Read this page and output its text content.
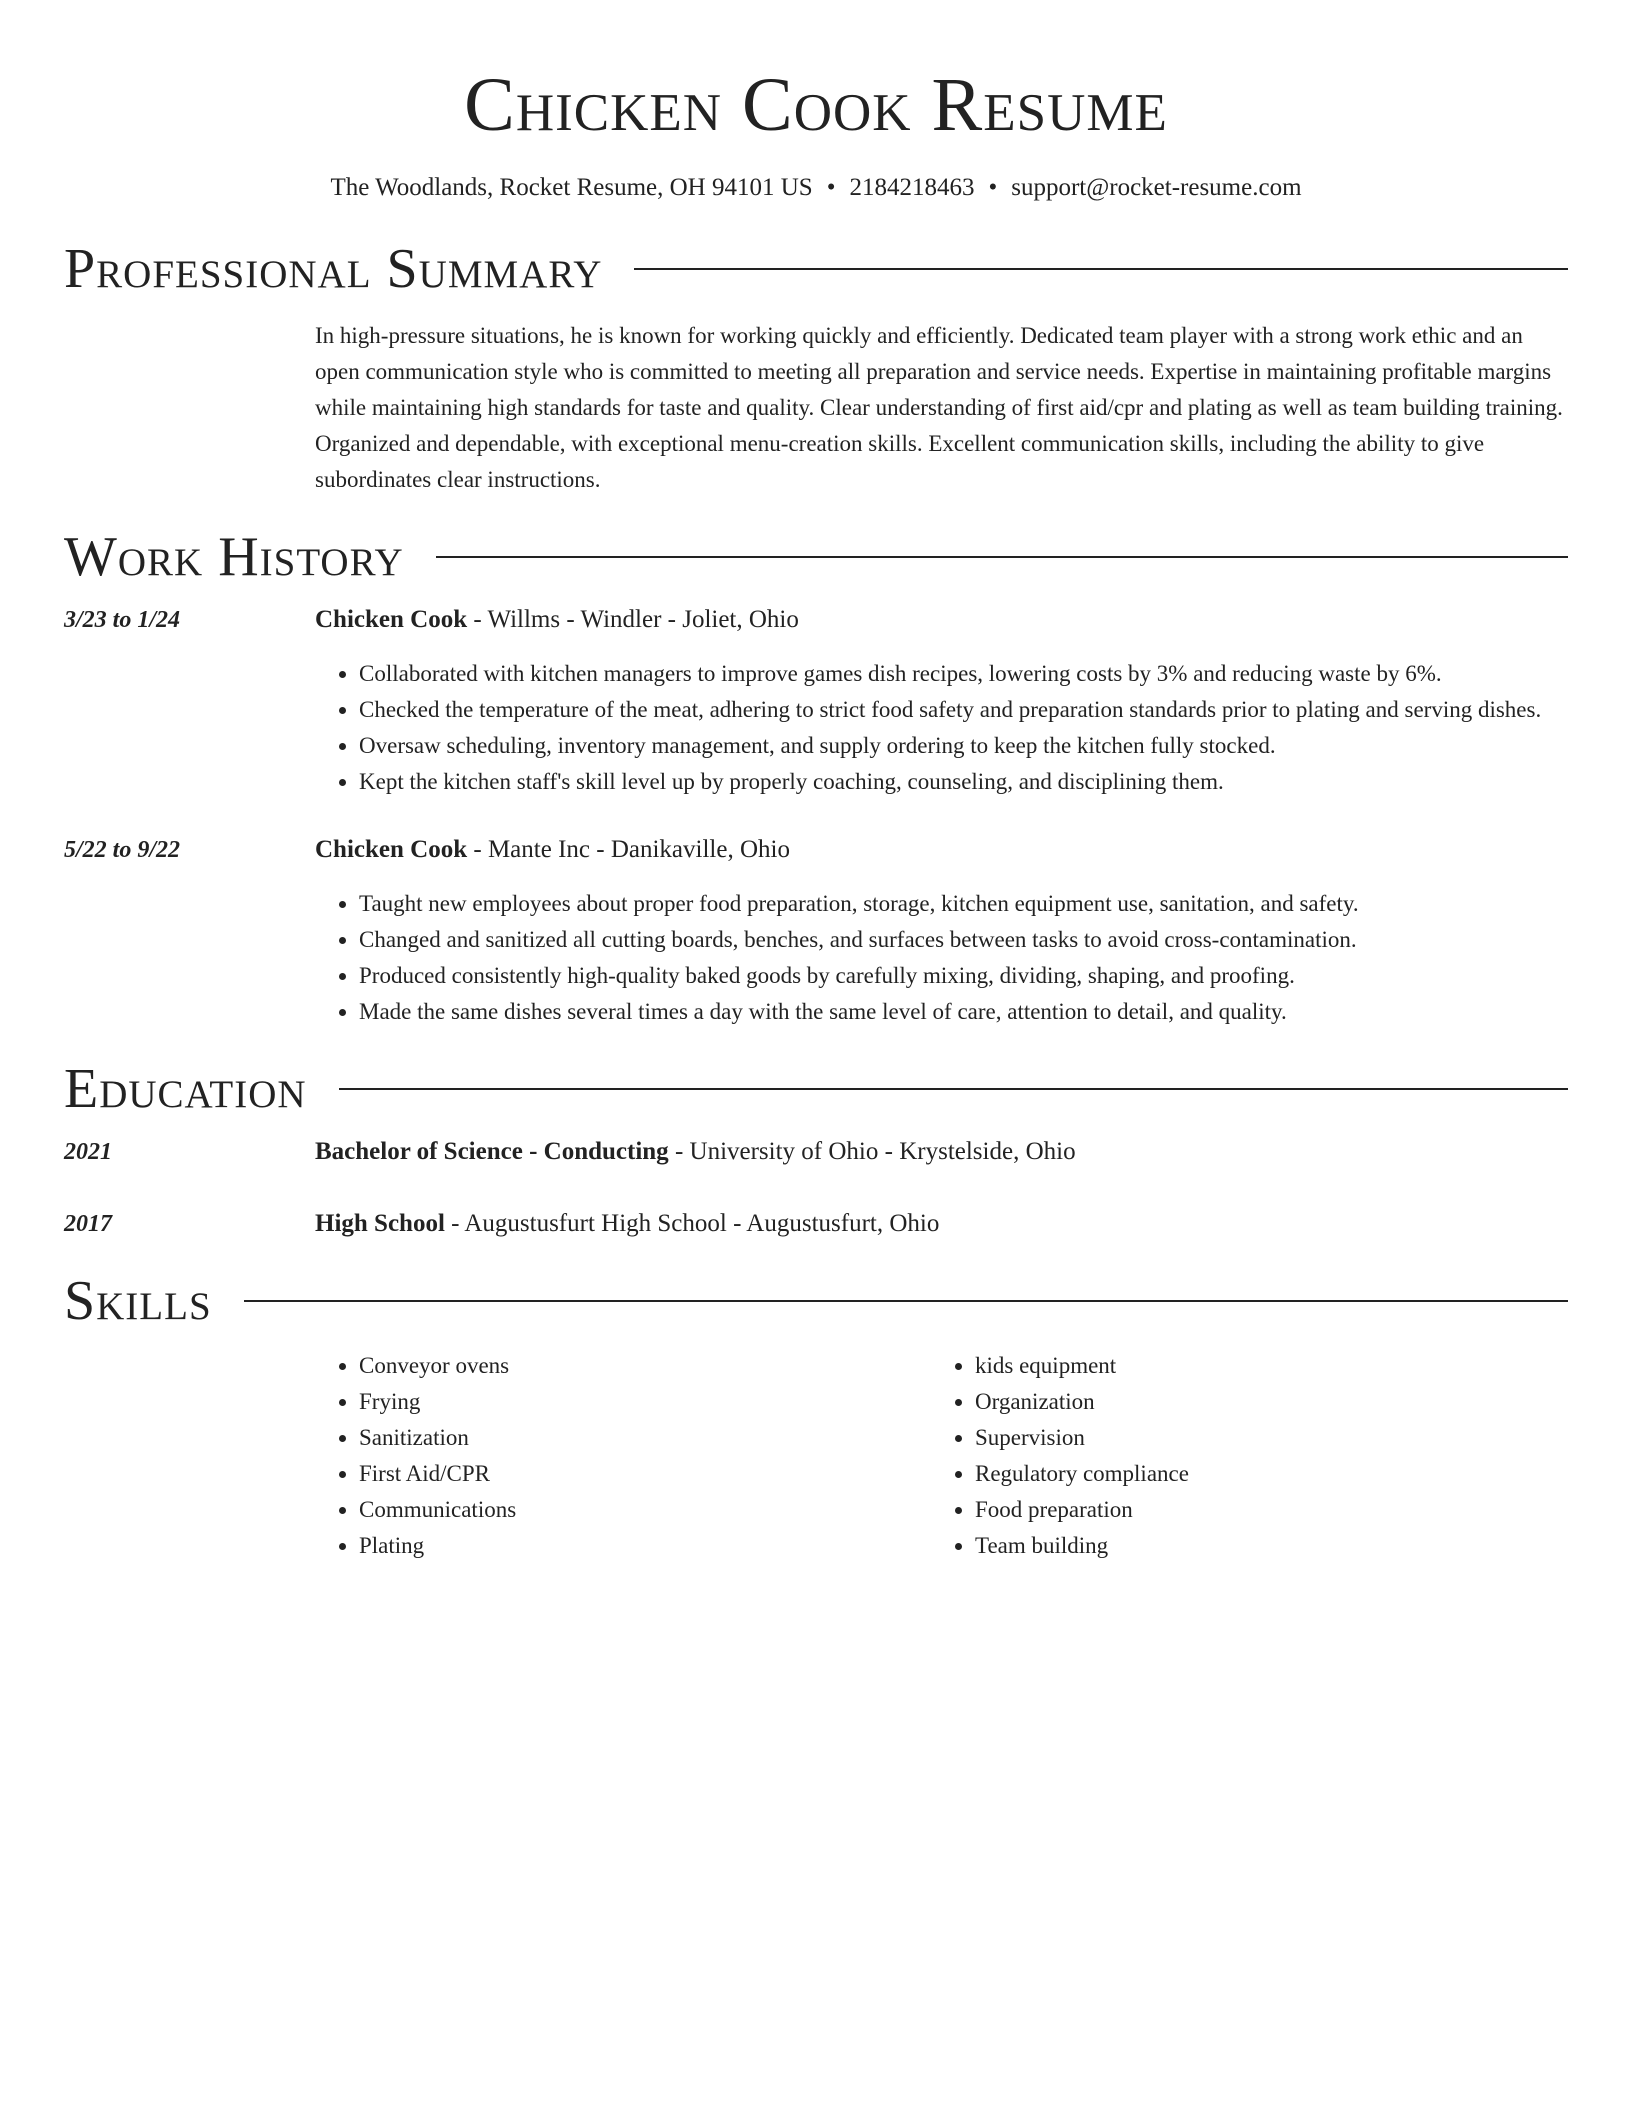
Chicken Cook Resume
The Woodlands, Rocket Resume, OH 94101 US • 2184218463 • support@rocket-resume.com
Professional Summary
In high-pressure situations, he is known for working quickly and efficiently. Dedicated team player with a strong work ethic and an open communication style who is committed to meeting all preparation and service needs. Expertise in maintaining profitable margins while maintaining high standards for taste and quality. Clear understanding of first aid/cpr and plating as well as team building training. Organized and dependable, with exceptional menu-creation skills. Excellent communication skills, including the ability to give subordinates clear instructions.
Work History
3/23 to 1/24	Chicken Cook - Willms - Windler - Joliet, Ohio
• Collaborated with kitchen managers to improve games dish recipes, lowering costs by 3% and reducing waste by 6%.
• Checked the temperature of the meat, adhering to strict food safety and preparation standards prior to plating and serving dishes.
• Oversaw scheduling, inventory management, and supply ordering to keep the kitchen fully stocked.
• Kept the kitchen staff's skill level up by properly coaching, counseling, and disciplining them.
5/22 to 9/22	Chicken Cook - Mante Inc - Danikaville, Ohio
• Taught new employees about proper food preparation, storage, kitchen equipment use, sanitation, and safety.
• Changed and sanitized all cutting boards, benches, and surfaces between tasks to avoid cross-contamination.
• Produced consistently high-quality baked goods by carefully mixing, dividing, shaping, and proofing.
• Made the same dishes several times a day with the same level of care, attention to detail, and quality.
Education
2021	Bachelor of Science - Conducting - University of Ohio - Krystelside, Ohio
2017	High School - Augustusfurt High School - Augustusfurt, Ohio
Skills
• Conveyor ovens
• Frying
• Sanitization
• First Aid/CPR
• Communications
• Plating
• kids equipment
• Organization
• Supervision
• Regulatory compliance
• Food preparation
• Team building
